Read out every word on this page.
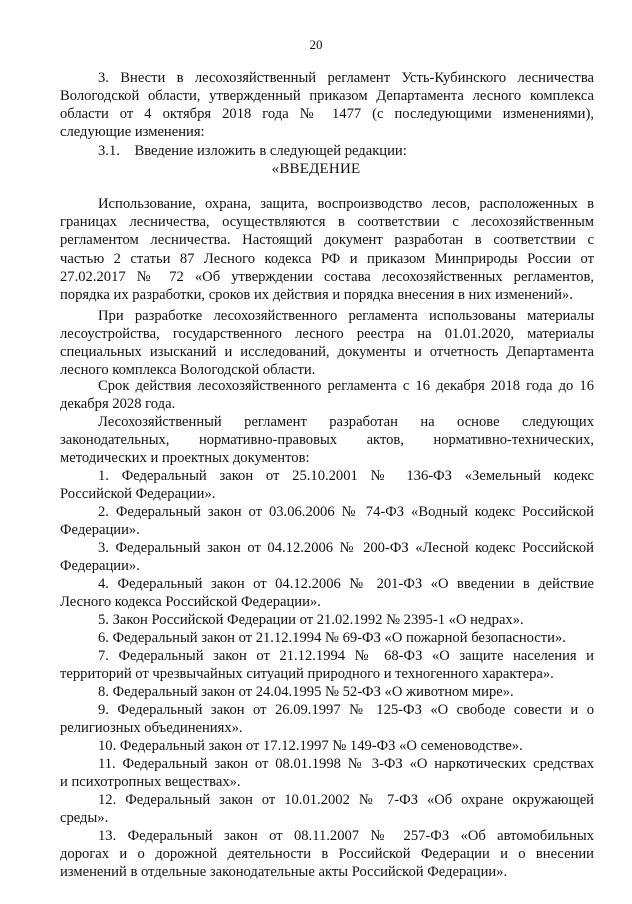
20
3. Внести в лесохозяйственный регламент Усть-Кубинского лесничества
Вологодской области, утвержденный приказом Департамента лесного комплекса
области от 4 октября 2018 года № 1477 (с последующими изменениями),
следующие изменения:
3.1. Введение изложить в следующей редакции:
«ВВЕДЕНИЕ
Использование, охрана, защита, воспроизводство лесов, расположенных в
границах лесничества, осуществляются в соответствии с лесохозяйственным
регламентом лесничества. Настоящий документ разработан в соответствии с
частью 2 статьи 87 Лесного кодекса РФ и приказом Минприроды России от
27.02.2017 № 72 «Об утверждении состава лесохозяйственных регламентов,
порядка их разработки, сроков их действия и порядка внесения в них изменений».
При разработке лесохозяйственного регламента использованы материалы
лесоустройства, государственного лесного реестра на 01.01.2020, материалы
специальных изысканий и исследований, документы и отчетность Департамента
лесного комплекса Вологодской области.
Срок действия лесохозяйственного регламента с 16 декабря 2018 года до 16
декабря 2028 года.
Лесохозяйственный регламент разработан на основе следующих
законодательных, нормативно-правовых актов, нормативно-технических,
методических и проектных документов:
1. Федеральный закон от 25.10.2001 № 136-ФЗ «Земельный кодекс
Российской Федерации».
2. Федеральный закон от 03.06.2006 № 74-ФЗ «Водный кодекс Российской
Федерации».
3. Федеральный закон от 04.12.2006 № 200-ФЗ «Лесной кодекс Российской
Федерации».
4. Федеральный закон от 04.12.2006 № 201-ФЗ «О введении в действие
Лесного кодекса Российской Федерации».
5. Закон Российской Федерации от 21.02.1992 № 2395-1 «О недрах».
6. Федеральный закон от 21.12.1994 № 69-ФЗ «О пожарной безопасности».
7. Федеральный закон от 21.12.1994 № 68-ФЗ «О защите населения и
территорий от чрезвычайных ситуаций природного и техногенного характера».
8. Федеральный закон от 24.04.1995 № 52-ФЗ «О животном мире».
9. Федеральный закон от 26.09.1997 № 125-ФЗ «О свободе совести и о
религиозных объединениях».
10. Федеральный закон от 17.12.1997 № 149-ФЗ «О семеноводстве».
11. Федеральный закон от 08.01.1998 № 3-ФЗ «О наркотических средствах
и психотропных веществах».
12. Федеральный закон от 10.01.2002 № 7-ФЗ «Об охране окружающей
среды».
13. Федеральный закон от 08.11.2007 № 257-ФЗ «Об автомобильных
дорогах и о дорожной деятельности в Российской Федерации и о внесении
изменений в отдельные законодательные акты Российской Федерации».
